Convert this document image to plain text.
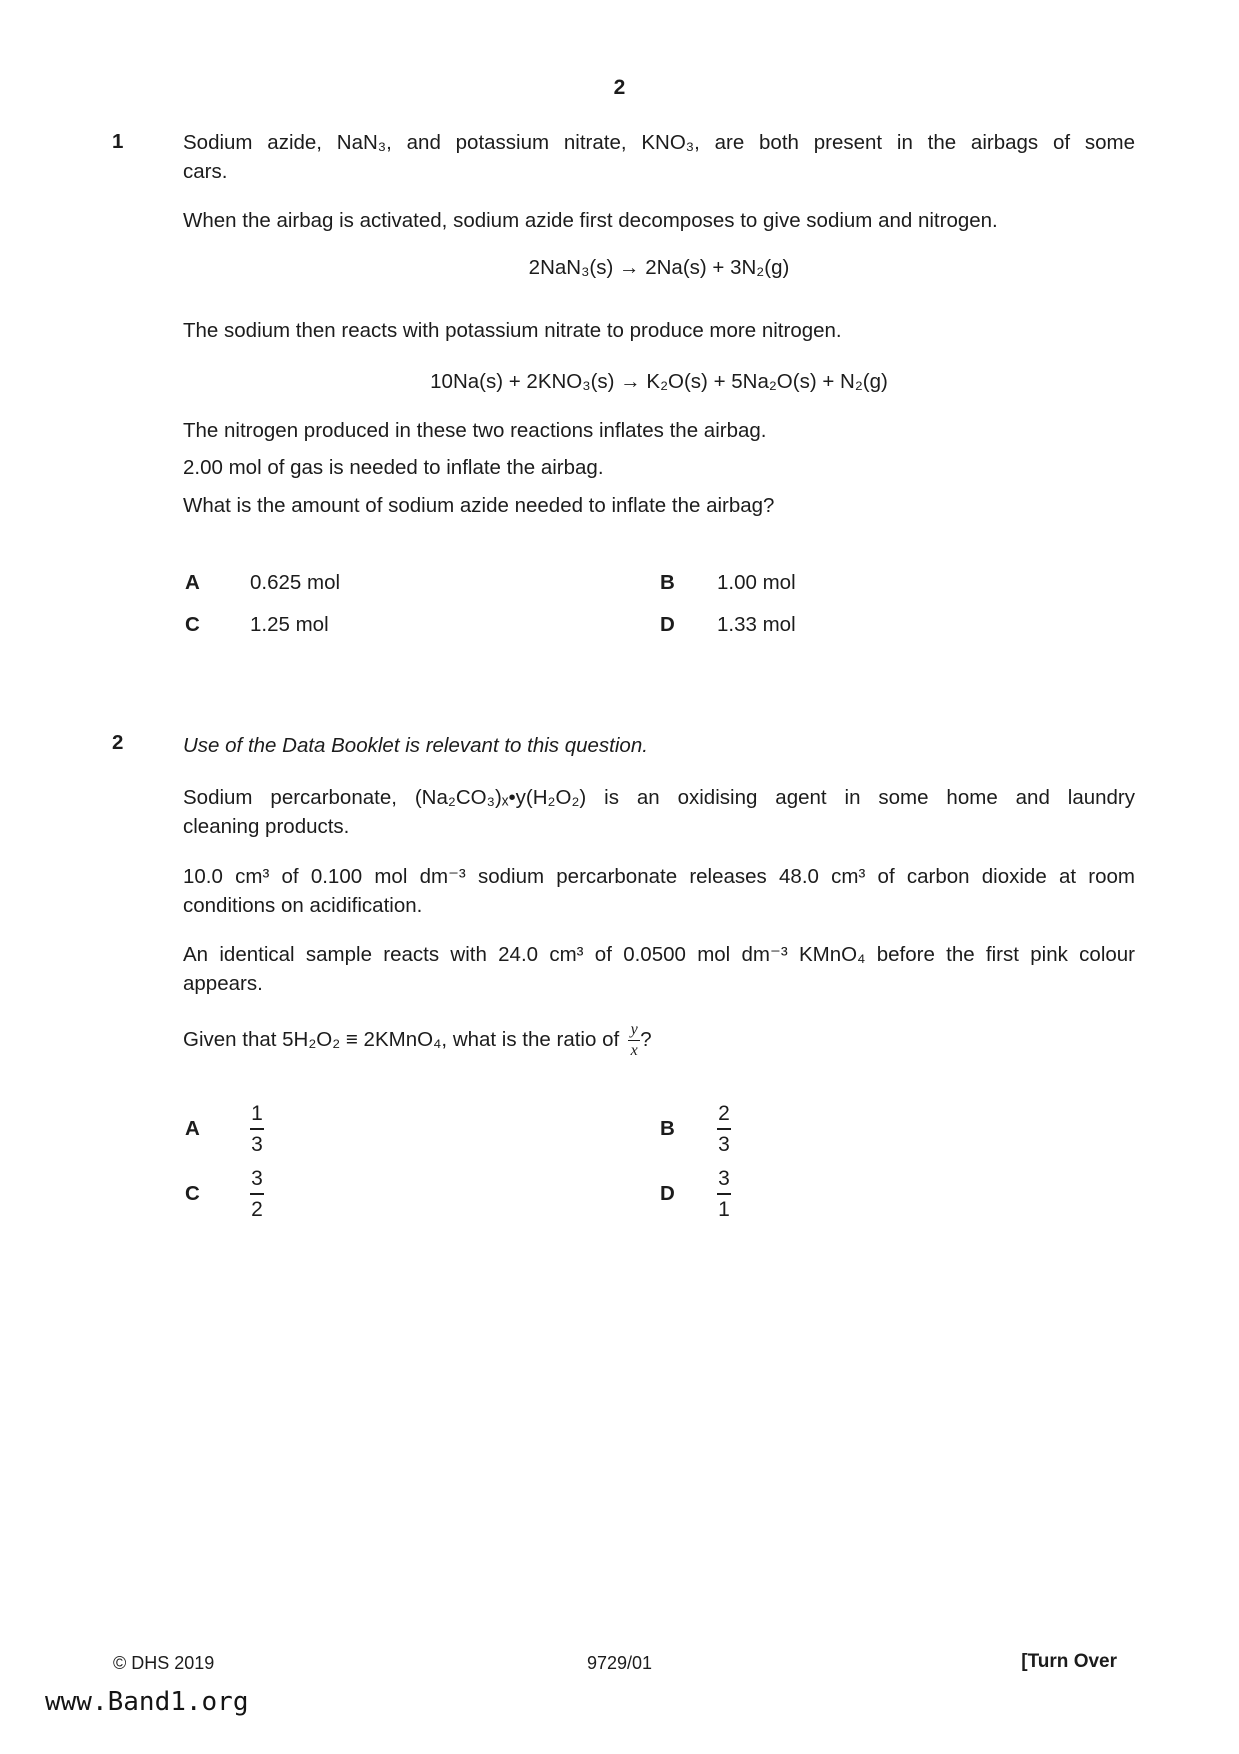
2
1	Sodium azide, NaN₃, and potassium nitrate, KNO₃, are both present in the airbags of some
cars.
When the airbag is activated, sodium azide first decomposes to give sodium and nitrogen.
2NaN₃(s) → 2Na(s) + 3N₂(g)
The sodium then reacts with potassium nitrate to produce more nitrogen.
10Na(s) + 2KNO₃(s) → K₂O(s) + 5Na₂O(s) + N₂(g)
The nitrogen produced in these two reactions inflates the airbag.
2.00 mol of gas is needed to inflate the airbag.
What is the amount of sodium azide needed to inflate the airbag?
A 0.625 mol	B 1.00 mol
C 1.25 mol	D 1.33 mol
2	Use of the Data Booklet is relevant to this question.
Sodium percarbonate, (Na₂CO₃)ₓ•y(H₂O₂) is an oxidising agent in some home and laundry
cleaning products.
10.0 cm³ of 0.100 mol dm⁻³ sodium percarbonate releases 48.0 cm³ of carbon dioxide at room
conditions on acidification.
An identical sample reacts with 24.0 cm³ of 0.0500 mol dm⁻³ KMnO₄ before the first pink colour
appears.
Given that 5H₂O₂ ≡ 2KMnO₄, what is the ratio of y
x ?
A	$\frac{1}{3}$	B	$\frac{2}{3}$
C	$\frac{3}{2}$	D	$\frac{3}{1}$
© DHS 2019	9729/01	[Turn Over
www.Band1.org
